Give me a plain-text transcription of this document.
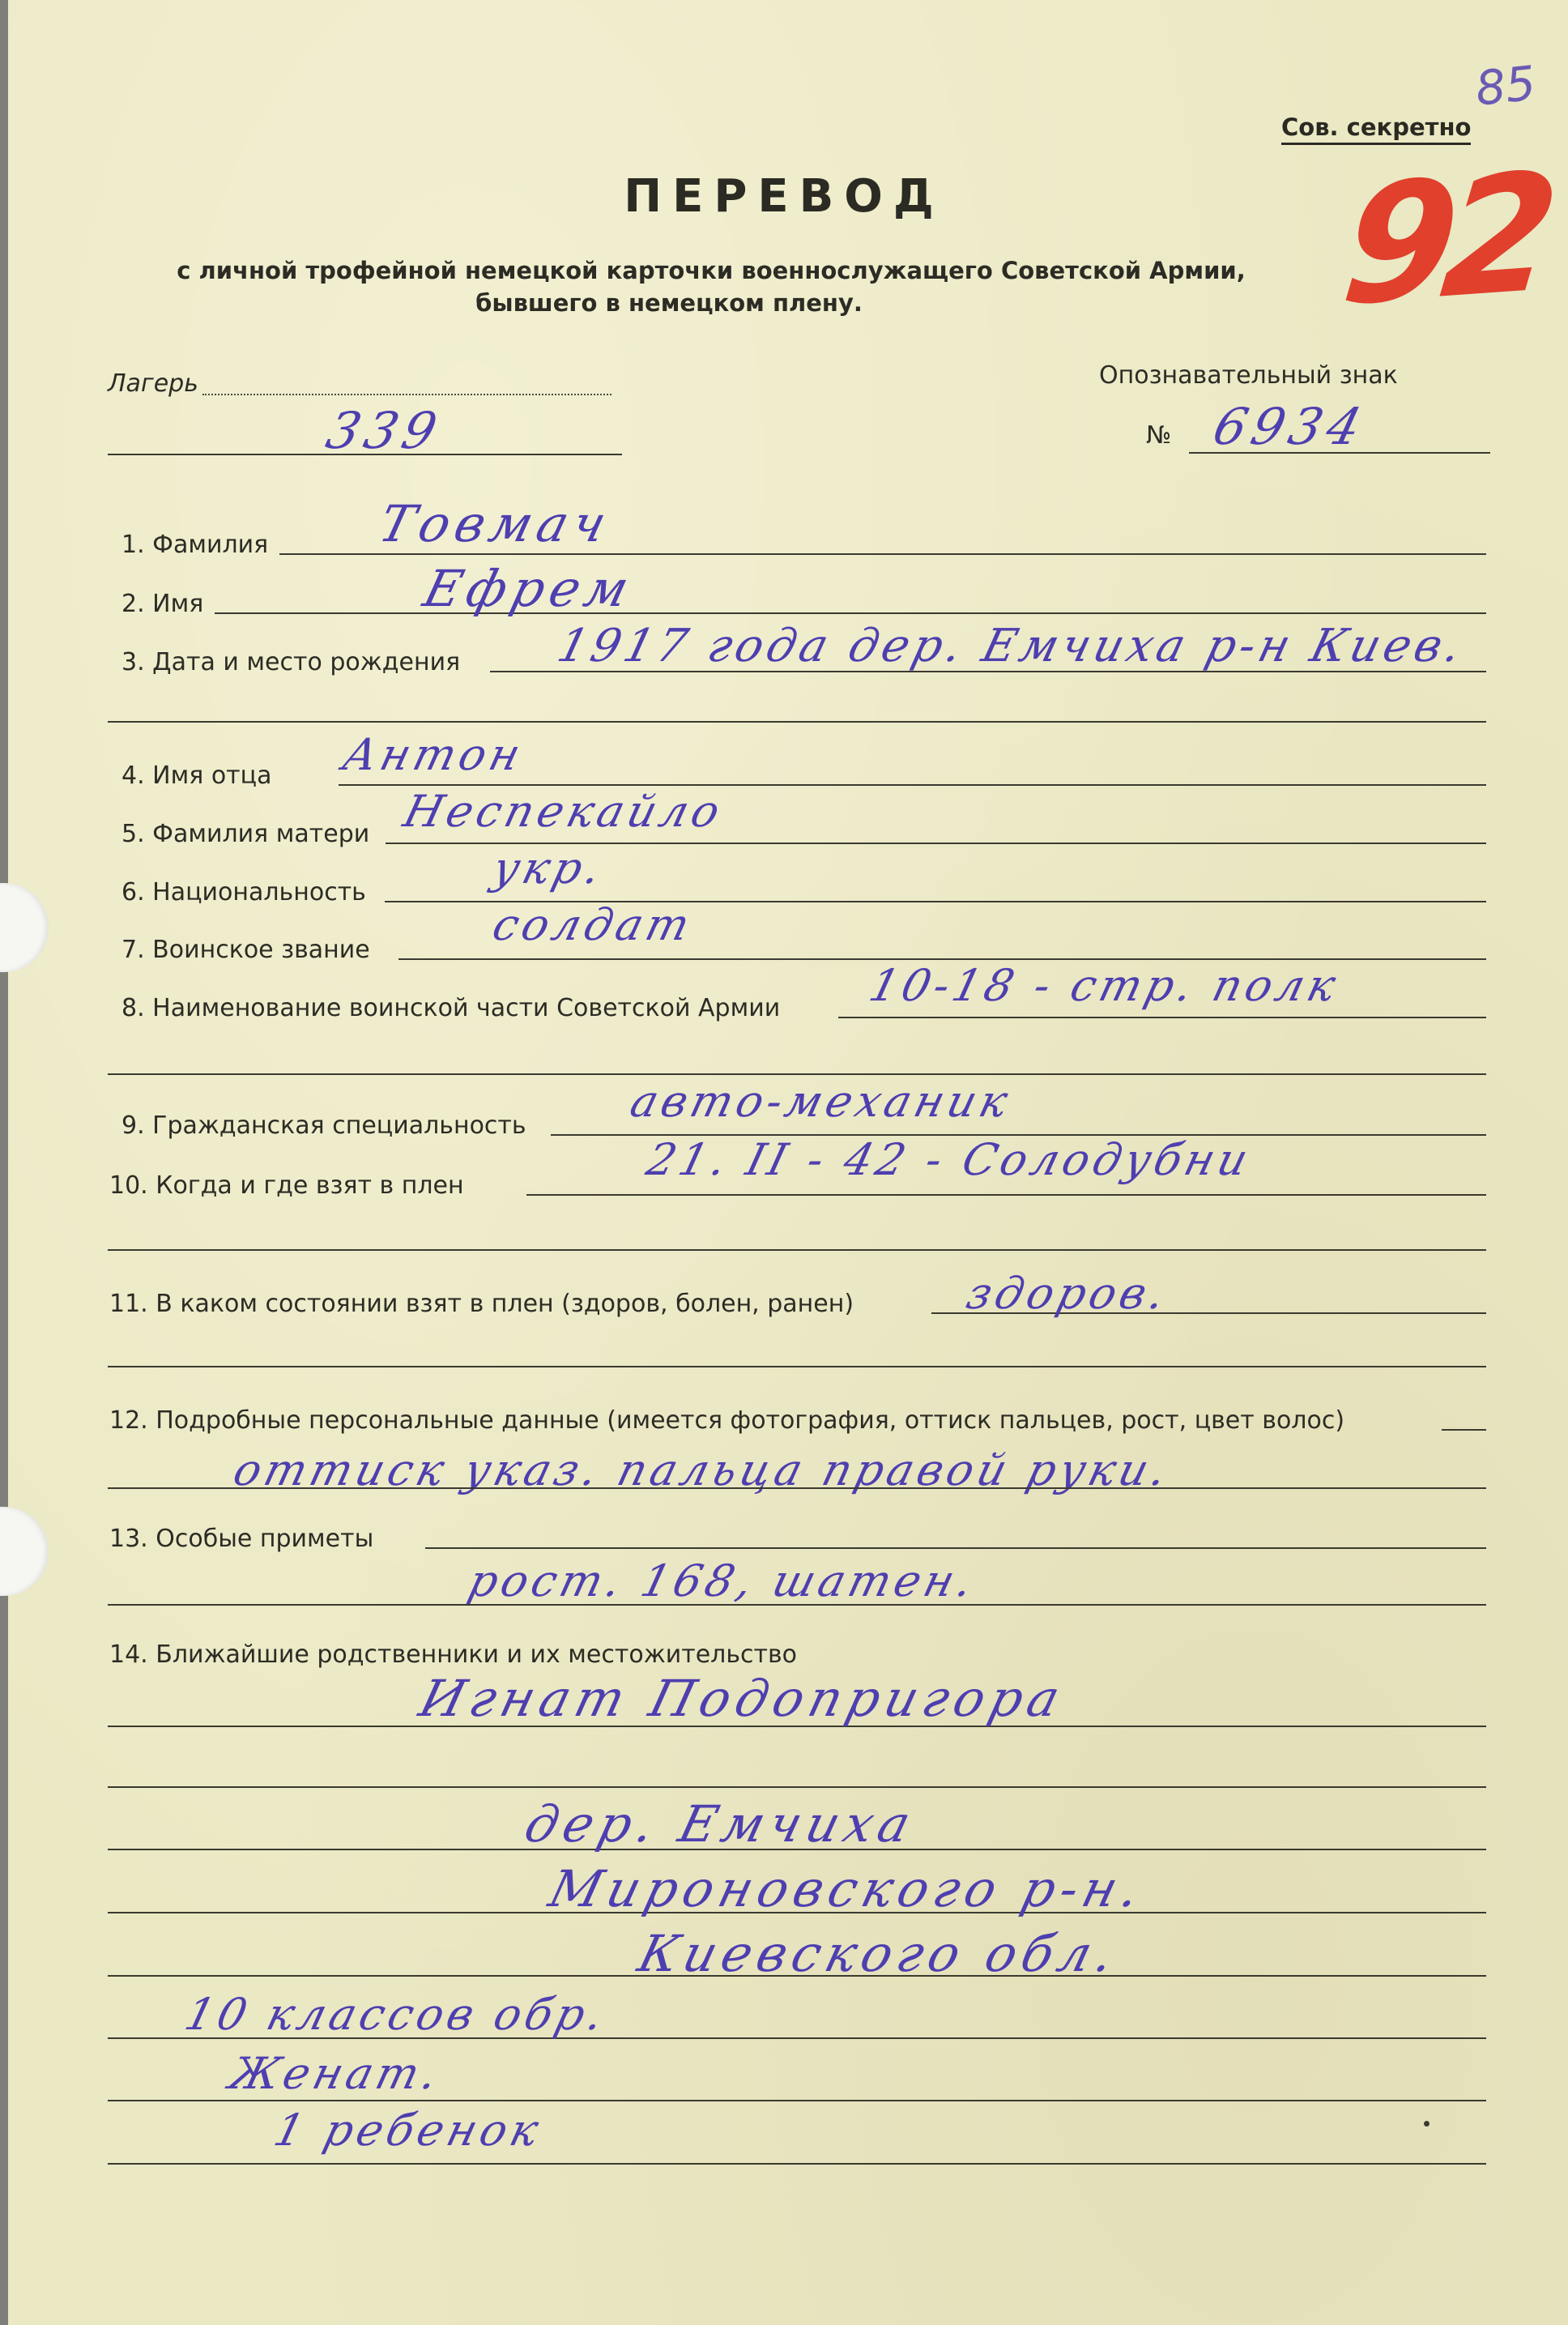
Сов. секретно
85
92
ПЕРЕВОД
с личной трофейной немецкой карточки военнослужащего Советской Армии,
бывшего в немецком плену.
Лагерь
339
Опознавательный знак
№ 6934
1. Фамилия Товмач
2. Имя	Ефрем
3. Дата и место рождения 1917 года дер. Емчиха р-н Киев.
4. Имя отца Антон
5. Фамилия матери Неспекайло
6. Национальность	укр.
7. Воинское звание	солдат
8. Наименование воинской части Советской Армии 10-18 - стр. полк
9. Гражданская специальность авто-механик
10. Когда и где взят в плен
21. II - 42 - Солодубни
11. В каком состоянии взят в плен (здоров, болен, ранен) здоров.
12. Подробные персональные данные (имеется фотография, оттиск пальцев, рост, цвет волос)
оттиск указ. пальца правой руки.
13. Особые приметы
рост. 168, шатен.
14. Ближайшие родственники и их местожительство
Игнат Подопригора
дер. Емчиха
Мироновского р-н.
Киевского обл.
10 классов обр.
Женат.
1 ребенок
